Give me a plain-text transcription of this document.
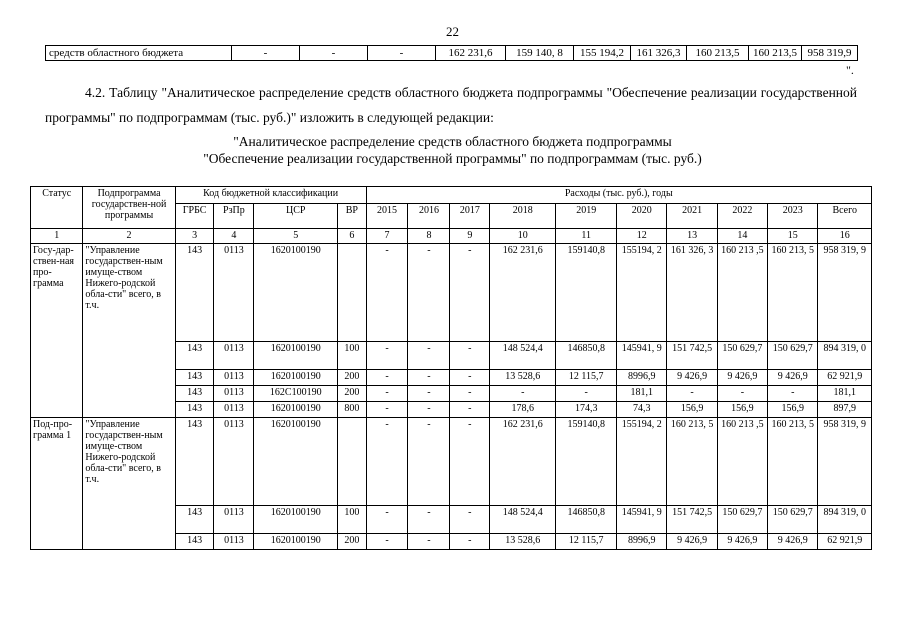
22
средств областного бюджета	-	-	-	162 231,6	159 140, 8	155 194,2	161 326,3	160 213,5	160 213,5	958 319,9
".
4.2. Таблицу "Аналитическое распределение средств областного бюджета подпрограммы "Обеспечение реализации государственной программы" по подпрограммам (тыс. руб.)" изложить в следующей редакции:
"Аналитическое распределение средств областного бюджета подпрограммы
"Обеспечение реализации государственной программы" по подпрограммам (тыс. руб.)
Статус	Подпрограмма государствен-ной программы	Код бюджетной классификации				Расходы (тыс. руб.), годы									
		ГРБС	РзПр	ЦСР	ВР	2015	2016	2017	2018	2019	2020	2021	2022	2023	Всего
1	2	3	4	5	6	7	8	9	10	11	12	13	14	15	16
Госу-дар-ствен-ная про-грамма	"Управление государствен-ным имуще-ством Нижего-родской обла-сти" всего, в т.ч.	143	0113	1620100190		-	-	-	162 231,6	159140,8	155194, 2	161 326, 3	160 213 ,5	160 213, 5	958 319, 9
		143	0113	1620100190	100	-	-	-	148 524,4	146850,8	145941, 9	151 742,5	150 629,7	150 629,7	894 319, 0
		143	0113	1620100190	200	-	-	-	13 528,6	12 115,7	8996,9	9 426,9	9 426,9	9 426,9	62 921,9
		143	0113	162С100190	200	-	-	-	-	-	181,1	-	-	-	181,1
		143	0113	1620100190	800	-	-	-	178,6	174,3	74,3	156,9	156,9	156,9	897,9
Под-про-грамма 1	"Управление государствен-ным имуще-ством Нижего-родской обла-сти" всего, в т.ч.	143	0113	1620100190		-	-	-	162 231,6	159140,8	155194, 2	160 213, 5	160 213 ,5	160 213, 5	958 319, 9
		143	0113	1620100190	100	-	-	-	148 524,4	146850,8	145941, 9	151 742,5	150 629,7	150 629,7	894 319, 0
		143	0113	1620100190	200	-	-	-	13 528,6	12 115,7	8996,9	9 426,9	9 426,9	9 426,9	62 921,9
